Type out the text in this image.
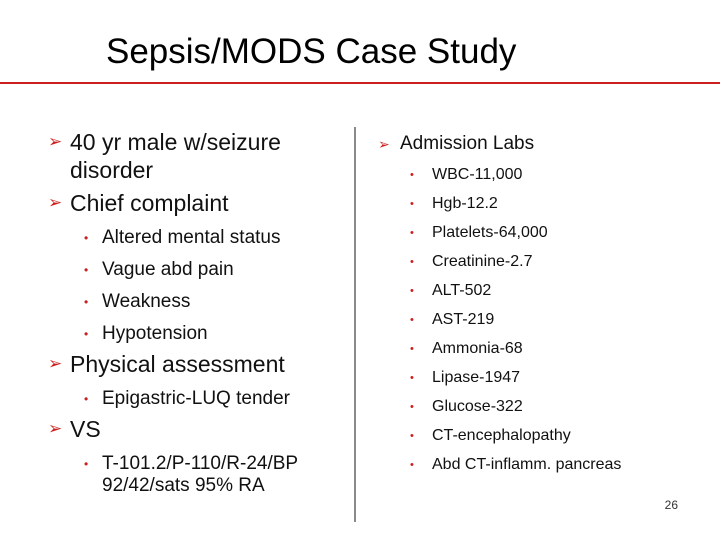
Sepsis/MODS Case Study
➢ 40 yr male w/seizure disorder
➢ Chief complaint
• Altered mental status
• Vague abd pain
• Weakness
• Hypotension
➢ Physical assessment
• Epigastric-LUQ tender
➢ VS
• T-101.2/P-110/R-24/BP 92/42/sats 95% RA
➢ Admission Labs
• WBC-11,000
• Hgb-12.2
• Platelets-64,000
• Creatinine-2.7
• ALT-502
• AST-219
• Ammonia-68
• Lipase-1947
• Glucose-322
• CT-encephalopathy
• Abd CT-inflamm. pancreas
26
